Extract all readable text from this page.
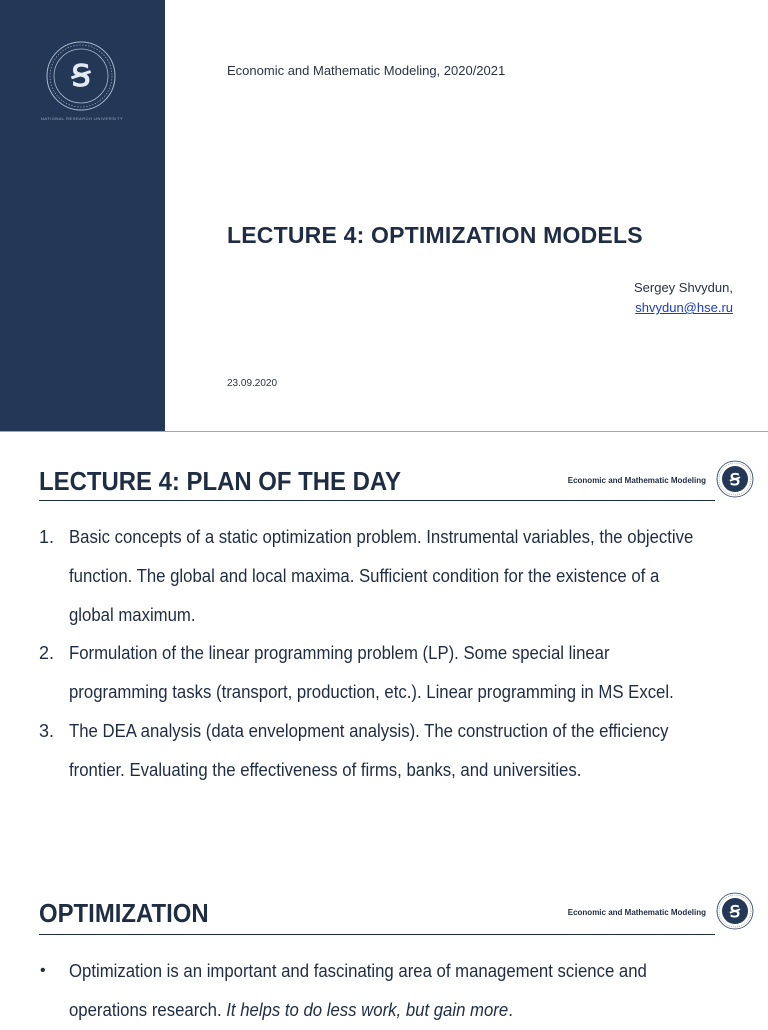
Ꞩ
NATIONAL RESEARCH UNIVERSITY
Economic and Mathematic Modeling, 2020/2021
LECTURE 4: OPTIMIZATION MODELS
Sergey Shvydun,
shvydun@hse.ru
23.09.2020
LECTURE 4: PLAN OF THE DAY	Economic and Mathematic Modeling Ꞩ
1. Basic concepts of a static optimization problem. Instrumental variables, the objective
function. The global and local maxima. Sufficient condition for the existence of a
global maximum.
2. Formulation of the linear programming problem (LP). Some special linear
programming tasks (transport, production, etc.). Linear programming in MS Excel.
3. The DEA analysis (data envelopment analysis). The construction of the efficiency
frontier. Evaluating the effectiveness of firms, banks, and universities.
OPTIMIZATION	Economic and Mathematic Modeling Ꞩ
• Optimization is an important and fascinating area of management science and
operations research. It helps to do less work, but gain more.
